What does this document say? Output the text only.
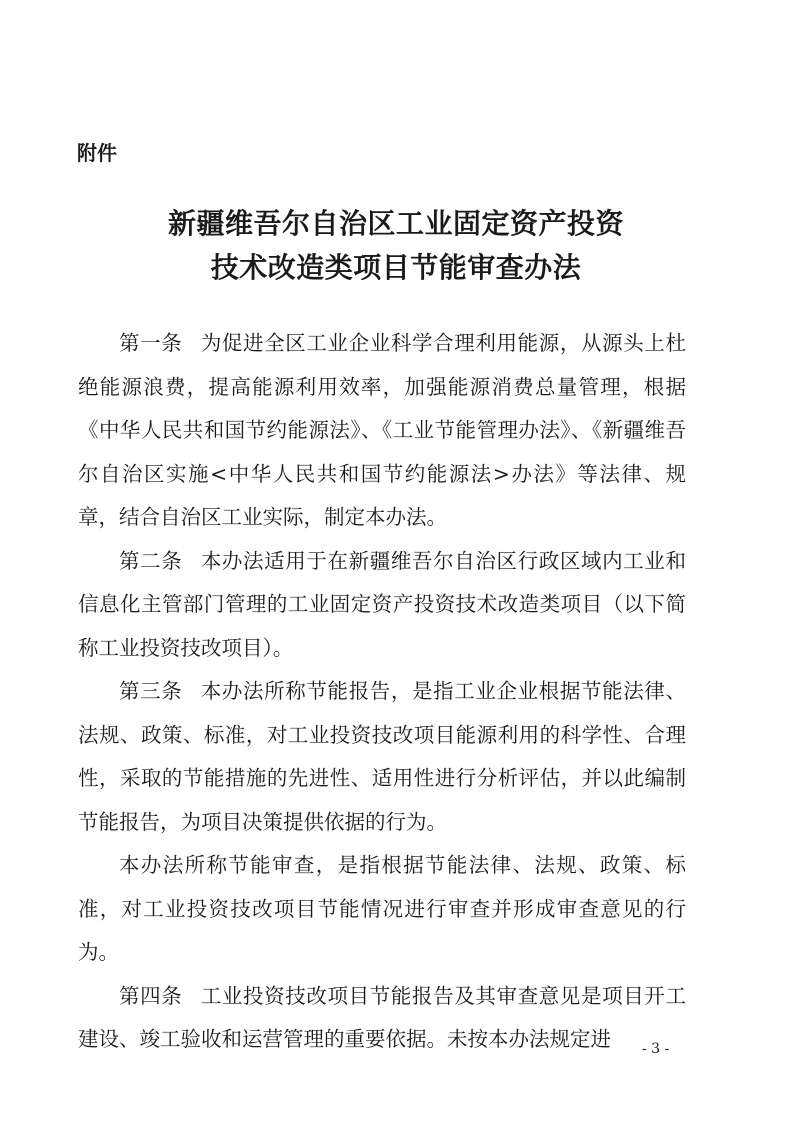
附件
新疆维吾尔自治区工业固定资产投资
技术改造类项目节能审查办法

第一条 为促进全区工业企业科学合理利用能源，从源头上杜绝能源浪费，提高能源利用效率，加强能源消费总量管理，根据《中华人民共和国节约能源法》、《工业节能管理办法》、《新疆维吾尔自治区实施<中华人民共和国节约能源法>办法》等法律、规章，结合自治区工业实际，制定本办法。

第二条 本办法适用于在新疆维吾尔自治区行政区域内工业和信息化主管部门管理的工业固定资产投资技术改造类项目（以下简称工业投资技改项目）。

第三条 本办法所称节能报告，是指工业企业根据节能法律、法规、政策、标准，对工业投资技改项目能源利用的科学性、合理性，采取的节能措施的先进性、适用性进行分析评估，并以此编制节能报告，为项目决策提供依据的行为。

本办法所称节能审查，是指根据节能法律、法规、政策、标准，对工业投资技改项目节能情况进行审查并形成审查意见的行为。

第四条 工业投资技改项目节能报告及其审查意见是项目开工建设、竣工验收和运营管理的重要依据。未按本办法规定进	- 3 -
